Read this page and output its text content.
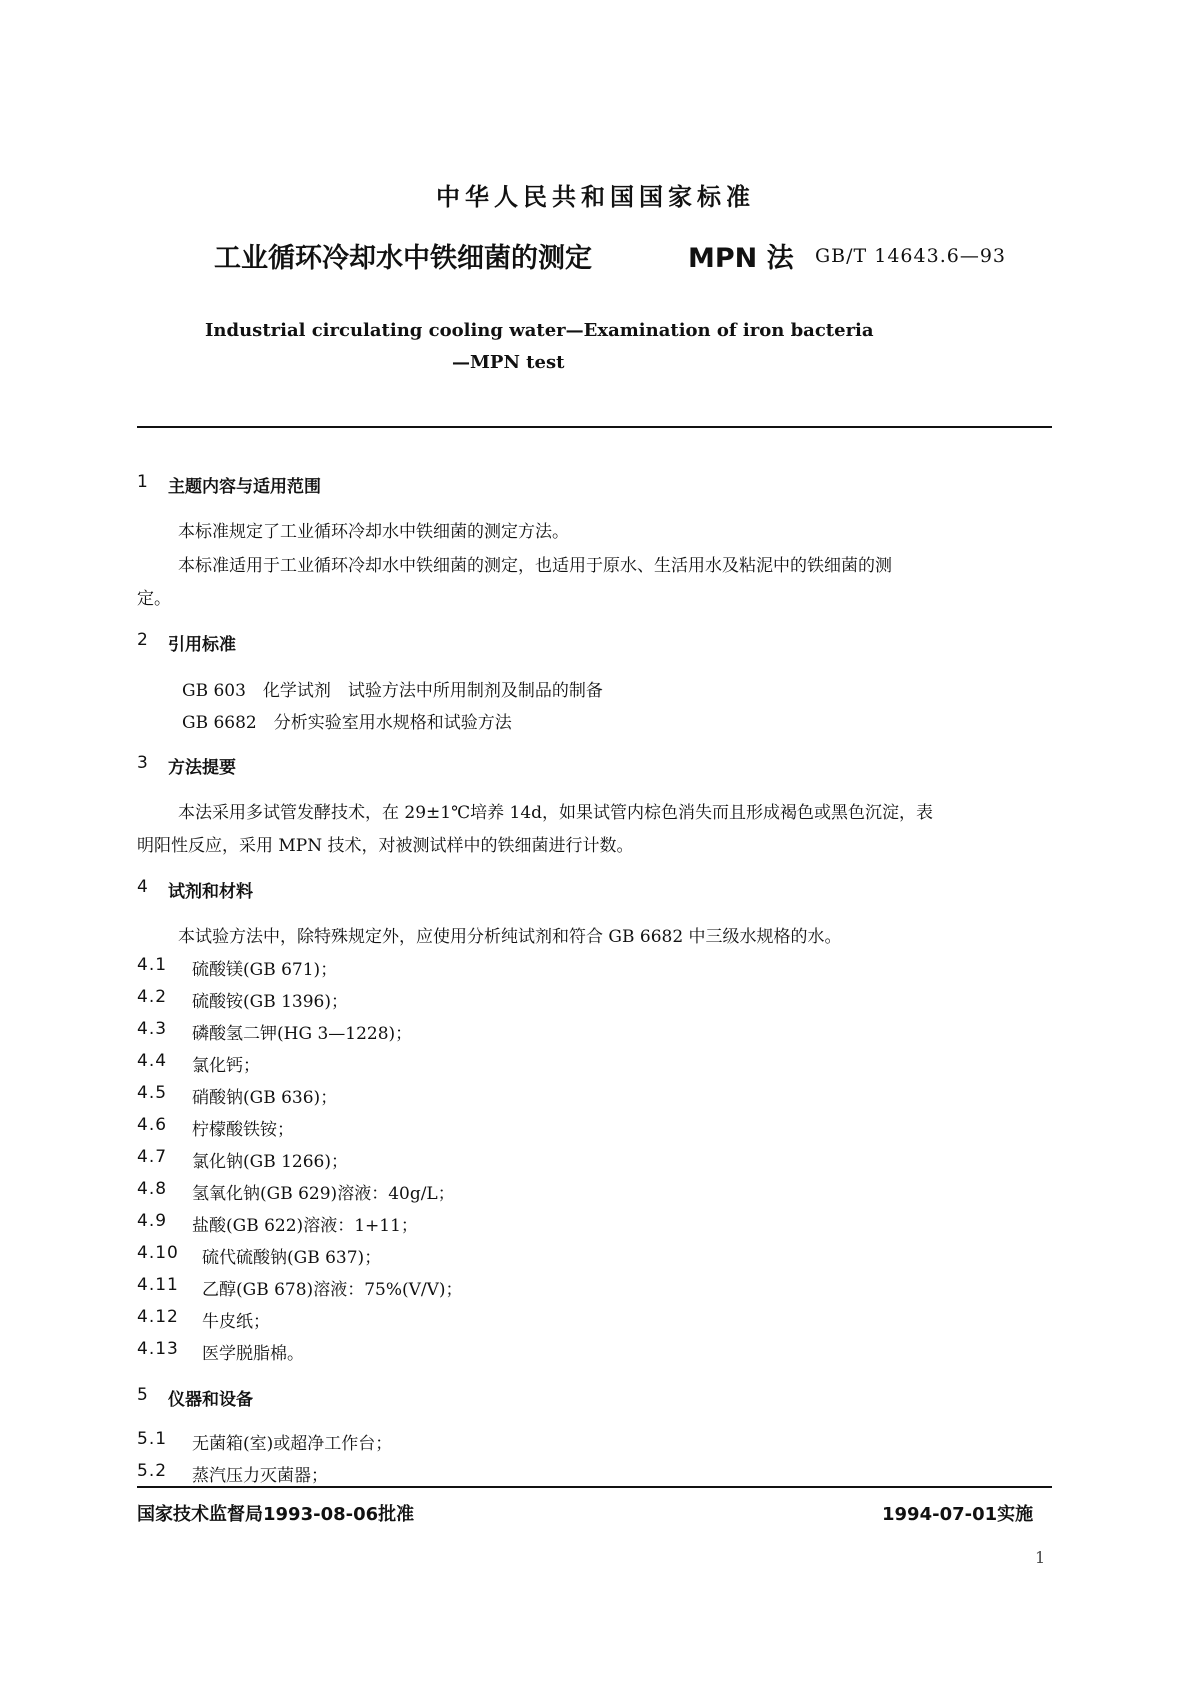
中华人民共和国国家标准
工业循环冷却水中铁细菌的测定	MPN 法 GB/T 14643.6—93
Industrial circulating cooling water—Examination of iron bacteria
—MPN test
1 主题内容与适用范围
本标准规定了工业循环冷却水中铁细菌的测定方法。
本标准适用于工业循环冷却水中铁细菌的测定，也适用于原水、生活用水及粘泥中的铁细菌的测
定。
2 引用标准
GB 603　化学试剂　试验方法中所用制剂及制品的制备
GB 6682　分析实验室用水规格和试验方法
3 方法提要
本法采用多试管发酵技术，在 29±1℃培养 14d，如果试管内棕色消失而且形成褐色或黑色沉淀，表
明阳性反应，采用 MPN 技术，对被测试样中的铁细菌进行计数。
4 试剂和材料
本试验方法中，除特殊规定外，应使用分析纯试剂和符合 GB 6682 中三级水规格的水。
4.1 硫酸镁(GB 671)；
4.2 硫酸铵(GB 1396)；
4.3 磷酸氢二钾(HG 3—1228)；
4.4 氯化钙；
4.5 硝酸钠(GB 636)；
4.6 柠檬酸铁铵；
4.7 氯化钠(GB 1266)；
4.8 氢氧化钠(GB 629)溶液：40g/L；
4.9 盐酸(GB 622)溶液：1+11；
4.10 硫代硫酸钠(GB 637)；
4.11 乙醇(GB 678)溶液：75%(V/V)；
4.12 牛皮纸；
4.13 医学脱脂棉。
5 仪器和设备
5.1 无菌箱(室)或超净工作台；
5.2 蒸汽压力灭菌器；
国家技术监督局1993-08-06批准	1994-07-01实施
1
